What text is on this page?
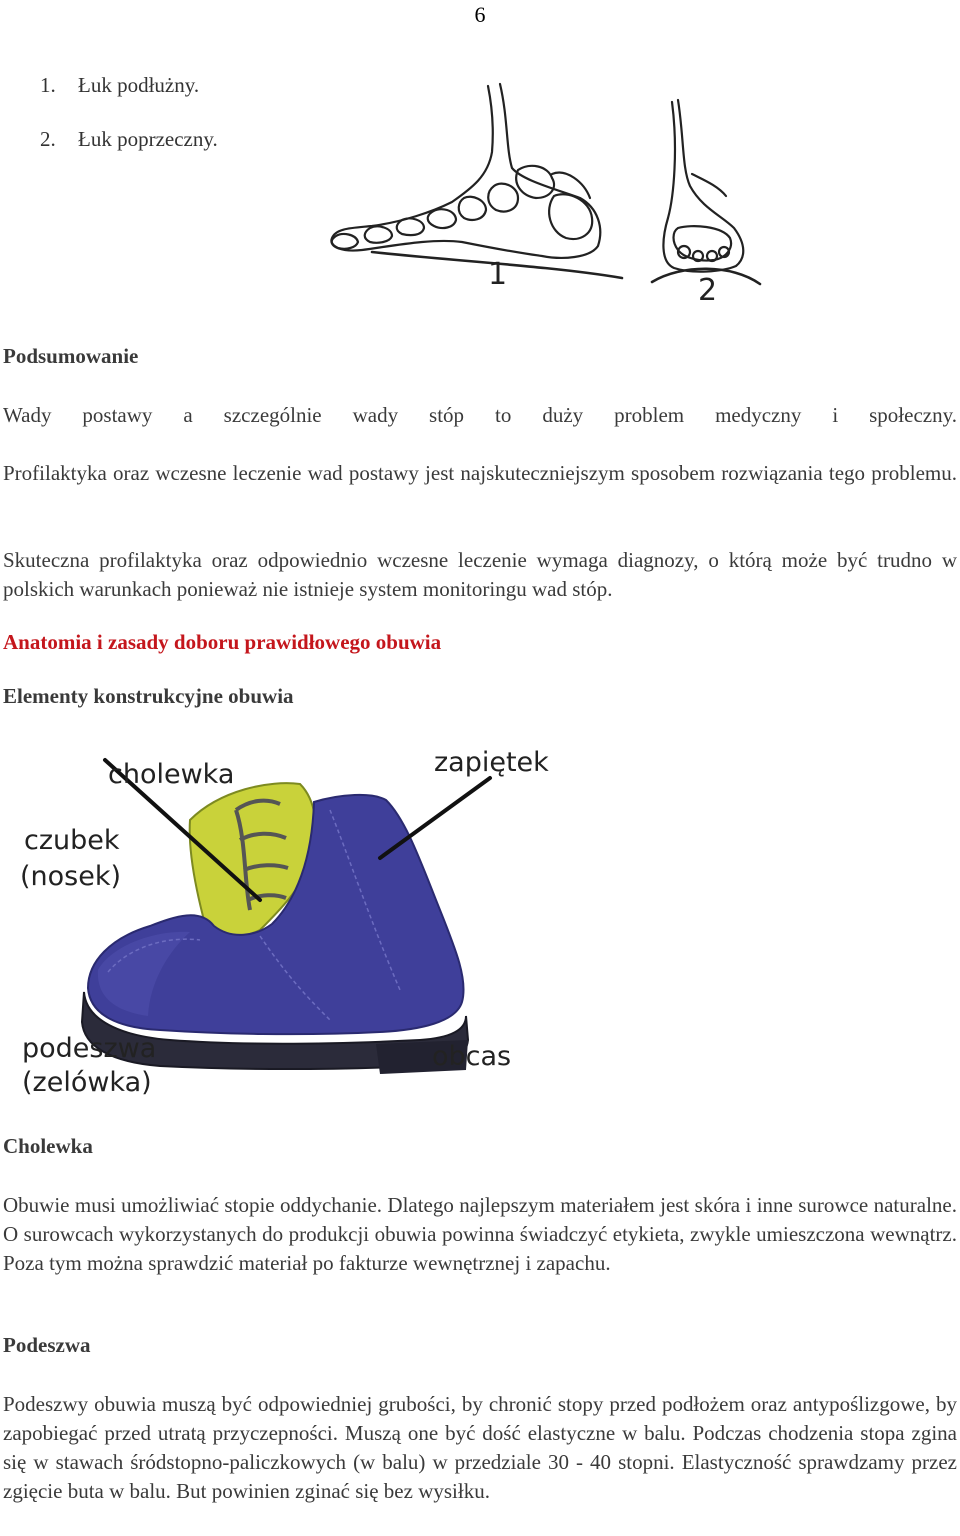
6
1. Łuk podłużny.
2. Łuk poprzeczny.
1	2
Podsumowanie
Wady postawy a szczególnie wady stóp to duży problem medyczny i społeczny.
Profilaktyka oraz wczesne leczenie wad postawy jest najskuteczniejszym sposobem rozwiązania tego problemu.
Skuteczna profilaktyka oraz odpowiednio wczesne leczenie wymaga diagnozy, o którą może być trudno w polskich warunkach ponieważ nie istnieje system monitoringu wad stóp.
Anatomia i zasady doboru prawidłowego obuwia
Elementy konstrukcyjne obuwia
cholewka	zapiętek
czubek
(nosek)
podeszwa
(zelówka)
obcas
Cholewka
Obuwie musi umożliwiać stopie oddychanie. Dlatego najlepszym materiałem jest skóra i inne surowce naturalne. O surowcach wykorzystanych do produkcji obuwia powinna świadczyć etykieta, zwykle umieszczona wewnątrz. Poza tym można sprawdzić materiał po fakturze wewnętrznej i zapachu.
Podeszwa
Podeszwy obuwia muszą być odpowiedniej grubości, by chronić stopy przed podłożem oraz antypoślizgowe, by zapobiegać przed utratą przyczepności. Muszą one być dość elastyczne w balu. Podczas chodzenia stopa zgina się w stawach śródstopno-paliczkowych (w balu) w przedziale 30 - 40 stopni. Elastyczność sprawdzamy przez zgięcie buta w balu. But powinien zginać się bez wysiłku.
